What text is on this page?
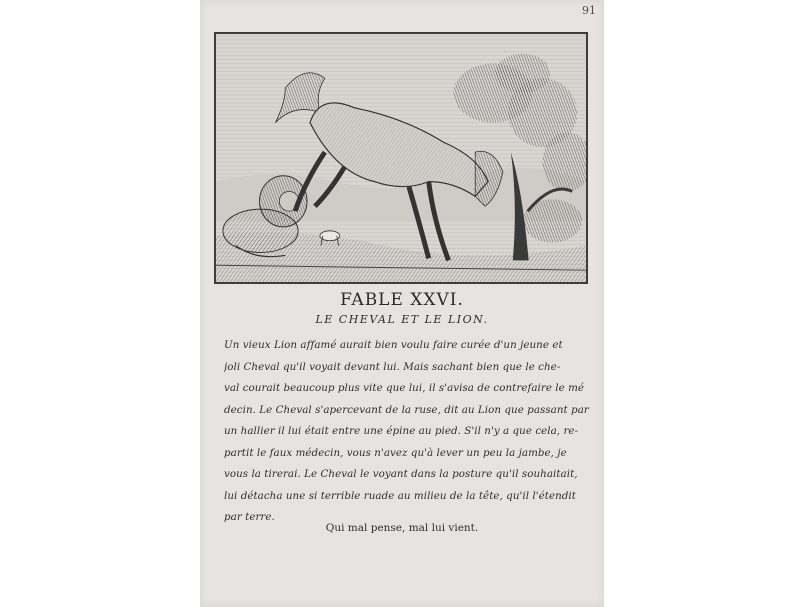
91
FABLE XXVI.
LE CHEVAL ET LE LION.
Un vieux Lion affamé aurait bien voulu faire curée d'un jeune et
joli Cheval qu'il voyait devant lui. Mais sachant bien que le che-
val courait beaucoup plus vite que lui, il s'avisa de contrefaire le mé
decin. Le Cheval s'apercevant de la ruse, dit au Lion que passant par
un hallier il lui était entre une épine au pied. S'il n'y a que cela, re-
partit le faux médecin, vous n'avez qu'à lever un peu la jambe, je
vous la tirerai. Le Cheval le voyant dans la posture qu'il souhaitait,
lui détacha une si terrible ruade au milieu de la tête, qu'il l'étendit
par terre.
Qui mal pense, mal lui vient.
